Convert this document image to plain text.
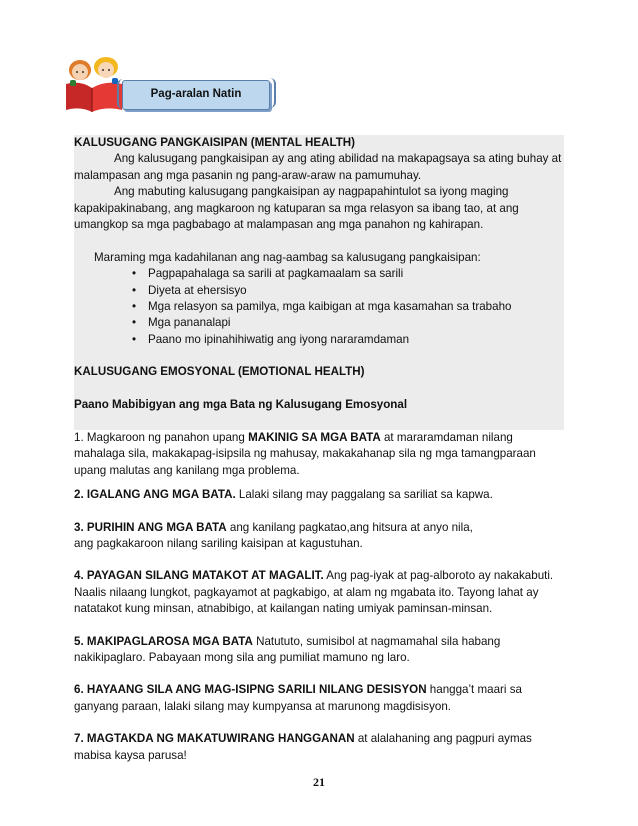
Pag-aralan Natin
KALUSUGANG PANGKAISIPAN (MENTAL HEALTH)
Ang kalusugang pangkaisipan ay ang ating abilidad na makapagsaya sa ating buhay at
malampasan ang mga pasanin ng pang-araw-araw na pamumuhay.
Ang mabuting kalusugang pangkaisipan ay nagpapahintulot sa iyong maging
kapakipakinabang, ang magkaroon ng katuparan sa mga relasyon sa ibang tao, at ang
umangkop sa mga pagbabago at malampasan ang mga panahon ng kahirapan.
Maraming mga kadahilanan ang nag-aambag sa kalusugang pangkaisipan:
• Pagpapahalaga sa sarili at pagkamaalam sa sarili
• Diyeta at ehersisyo
• Mga relasyon sa pamilya, mga kaibigan at mga kasamahan sa trabaho
• Mga pananalapi
• Paano mo ipinahihiwatig ang iyong nararamdaman
KALUSUGANG EMOSYONAL (EMOTIONAL HEALTH)
Paano Mabibigyan ang mga Bata ng Kalusugang Emosyonal
1. Magkaroon ng panahon upang MAKINIG SA MGA BATA at mararamdaman nilang
mahalaga sila, makakapag-isipsila ng mahusay, makakahanap sila ng mga tamangparaan
upang malutas ang kanilang mga problema.
2. IGALANG ANG MGA BATA. Lalaki silang may paggalang sa sariliat sa kapwa.
3. PURIHIN ANG MGA BATA ang kanilang pagkatao,ang hitsura at anyo nila,
ang pagkakaroon nilang sariling kaisipan at kagustuhan.
4. PAYAGAN SILANG MATAKOT AT MAGALIT. Ang pag-iyak at pag-alboroto ay nakakabuti.
Naalis nilaang lungkot, pagkayamot at pagkabigo, at alam ng mgabata ito. Tayong lahat ay
natatakot kung minsan, atnabibigo, at kailangan nating umiyak paminsan-minsan.
5. MAKIPAGLAROSA MGA BATA Natututo, sumisibol at nagmamahal sila habang
nakikipaglaro. Pabayaan mong sila ang pumiliat mamuno ng laro.
6. HAYAANG SILA ANG MAG-ISIPNG SARILI NILANG DESISYON hangga’t maari sa
ganyang paraan, lalaki silang may kumpyansa at marunong magdisisyon.
7. MAGTAKDA NG MAKATUWIRANG HANGGANAN at alalahaning ang pagpuri aymas
mabisa kaysa parusa!
21
